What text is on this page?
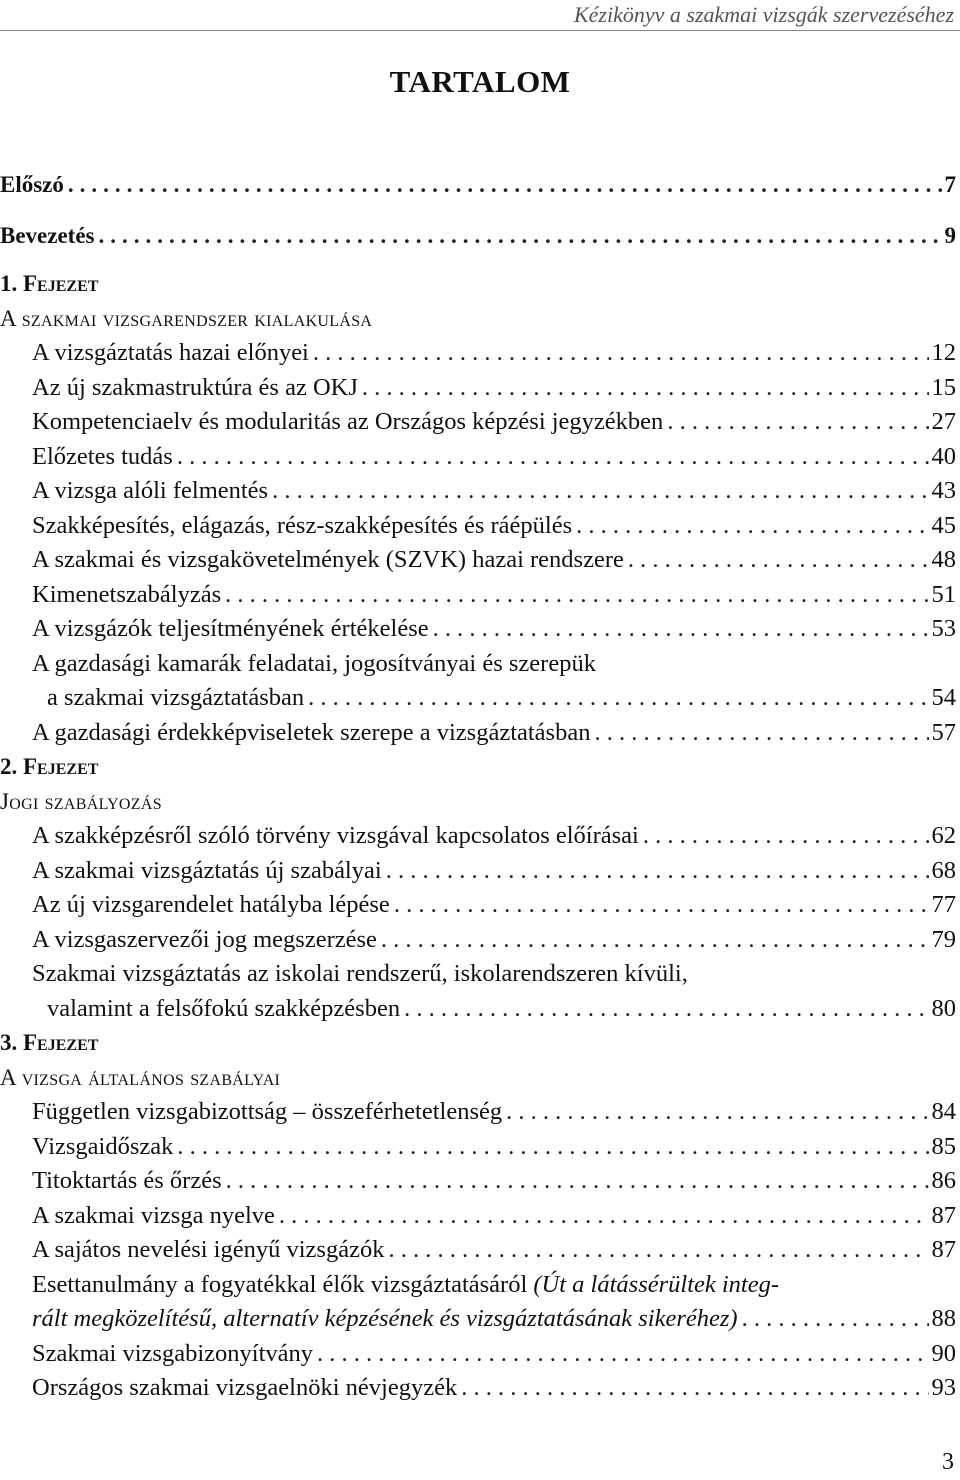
Kézikönyv a szakmai vizsgák szervezéséhez
TARTALOM
Előszó .....	7
Bevezetés .....	9
1. Fejezet
A szakmai vizsgarendszer kialakulása
A vizsgáztatás hazai előnyei . . .	12
Az új szakmastruktúra és az OKJ . . .	15
Kompetenciaelv és modularitás az Országos képzési jegyzékben . . .	27
Előzetes tudás . . .	40
A vizsga alóli felmentés . . .	43
Szakképesítés, elágazás, rész-szakképesítés és ráépülés . . .	45
A szakmai és vizsgakövetelmények (SZVK) hazai rendszere . . .	48
Kimenetszabályzás . . .	51
A vizsgázók teljesítményének értékelése . . .	53
A gazdasági kamarák feladatai, jogosítványai és szerepük
a szakmai vizsgáztatásban . . .	54
A gazdasági érdekképviseletek szerepe a vizsgáztatásban . . .	57
2. Fejezet
Jogi szabályozás
A szakképzésről szóló törvény vizsgával kapcsolatos előírásai . . .	62
A szakmai vizsgáztatás új szabályai . . .	68
Az új vizsgarendelet hatályba lépése . . .	77
A vizsgaszervezői jog megszerzése . . .	79
Szakmai vizsgáztatás az iskolai rendszerű, iskolarendszeren kívüli,
valamint a felsőfokú szakképzésben . . .	80
3. Fejezet
A vizsga általános szabályai
Független vizsgabizottság – összeférhetetlenség . . .	84
Vizsgaidőszak . . .	85
Titoktartás és őrzés . . .	86
A szakmai vizsga nyelve . . .	87
A sajátos nevelési igényű vizsgázók . . .	87
Esettanulmány a fogyatékkal élők vizsgáztatásáról (Út a látássérültek integ-
rált megközelítésű, alternatív képzésének és vizsgáztatásának sikeréhez) . . .	88
Szakmai vizsgabizonyítvány . . .	90
Országos szakmai vizsgaelnöki névjegyzék . . .	93
3
